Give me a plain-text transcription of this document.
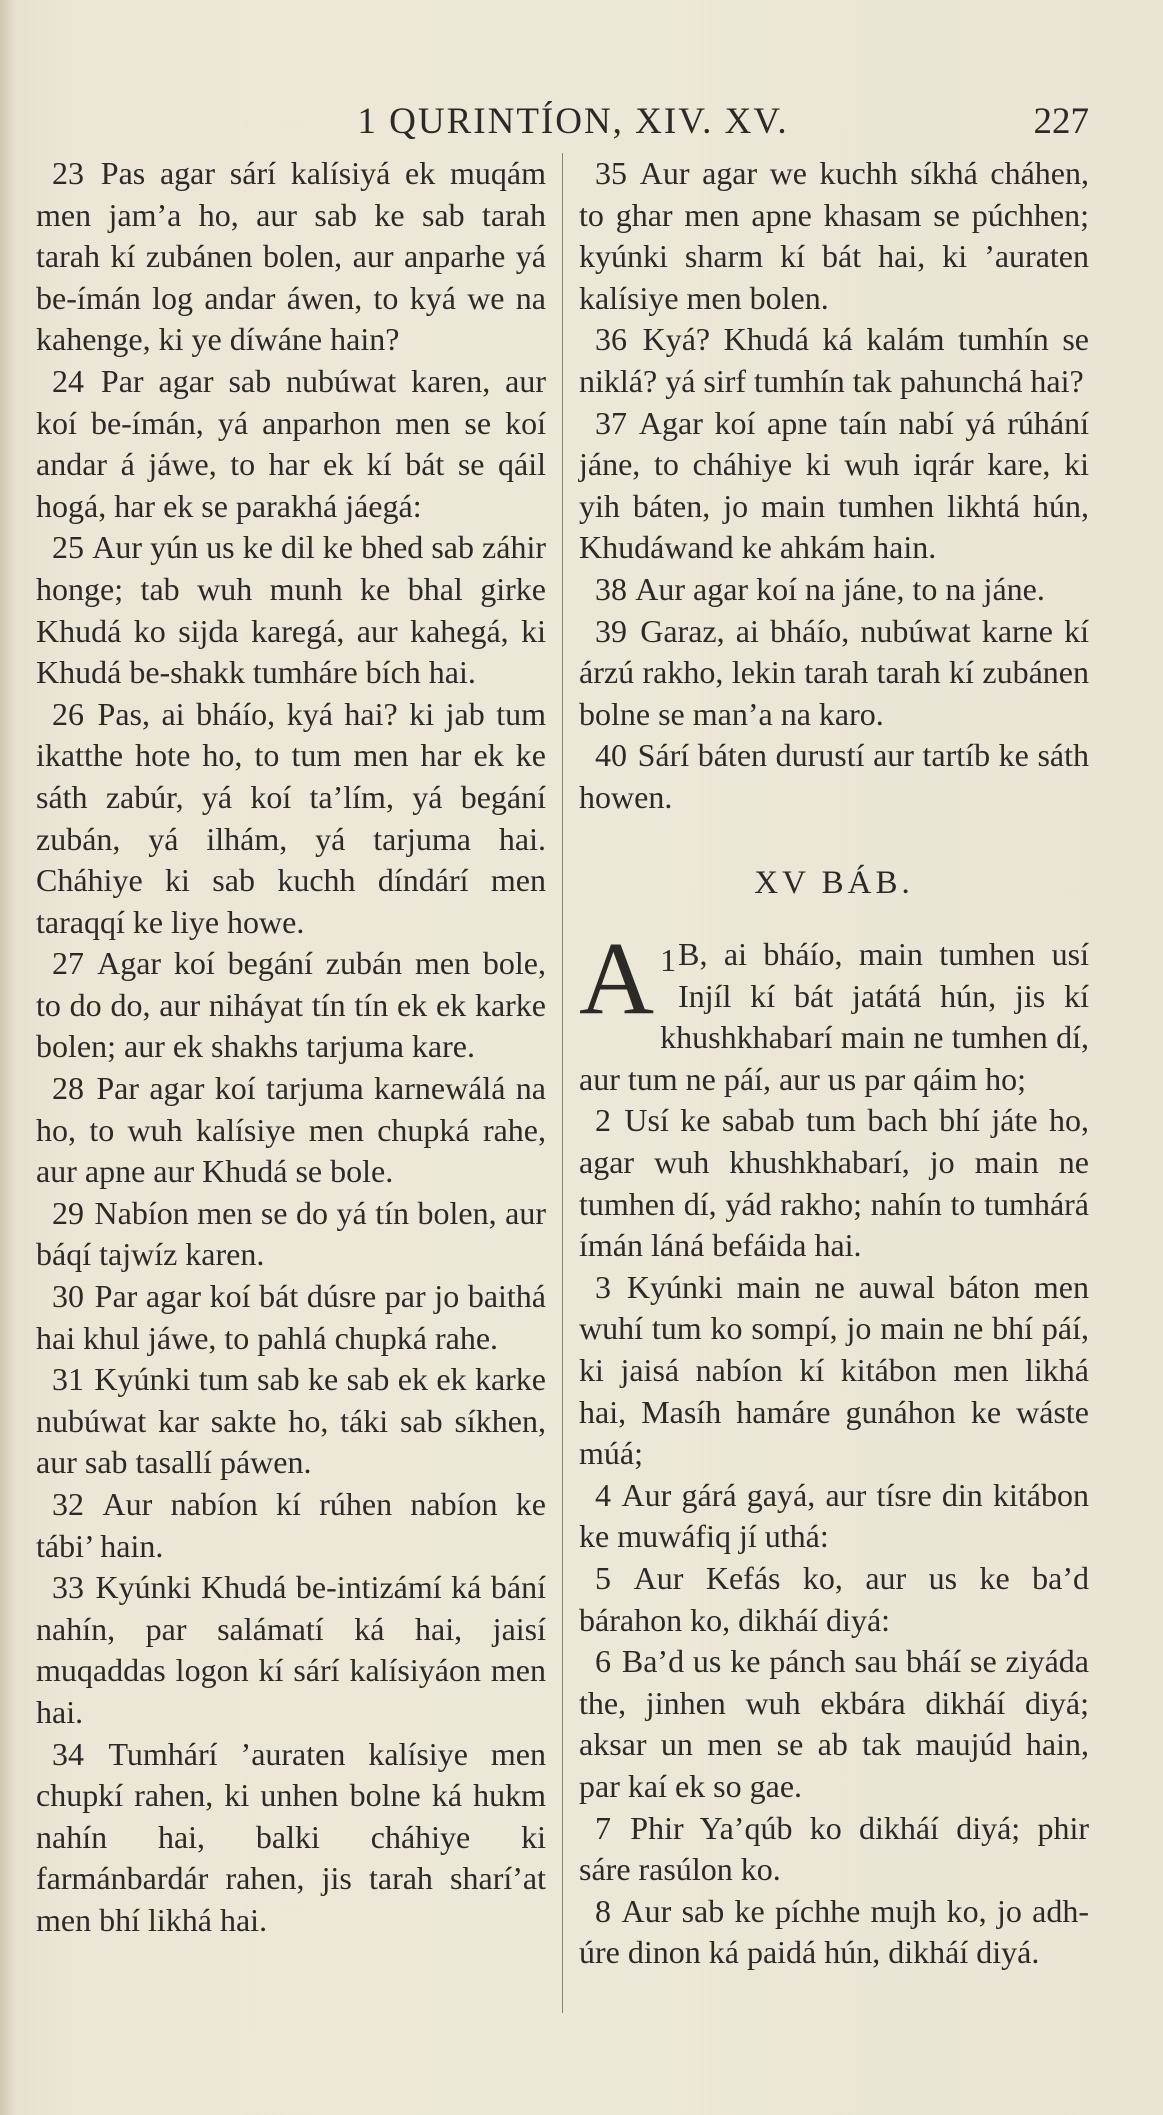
1 QURINTÍON, XIV. XV.	227

23 Pas agar sárí kalísiyá ek muqám men jam’a ho, aur sab ke sab tarah tarah kí zubánen bolen, aur anparhe yá be-ímán log andar áwen, to kyá we na kahenge, ki ye díwáne hain?

24 Par agar sab nubúwat karen, aur koí be-ímán, yá anparhon men se koí andar á jáwe, to har ek kí bát se qáil hogá, har ek se parakhá jáegá:

25 Aur yún us ke dil ke bhed sab záhir honge; tab wuh munh ke bhal girke Khudá ko sijda karegá, aur kahegá, ki Khudá be-shakk tumháre bích hai.

26 Pas, ai bháío, kyá hai? ki jab tum ikatthe hote ho, to tum men har ek ke sáth zabúr, yá koí ta’lím, yá begání zubán, yá ilhám, yá tarjuma hai. Cháhiye ki sab kuchh díndárí men taraqqí ke liye howe.

27 Agar koí begání zubán men bole, to do do, aur niháyat tín tín ek ek karke bolen; aur ek shakhs tarjuma kare.

28 Par agar koí tarjuma karnewálá na ho, to wuh kalísiye men chupká rahe, aur apne aur Khudá se bole.

29 Nabíon men se do yá tín bolen, aur báqí tajwíz karen.

30 Par agar koí bát dúsre par jo baithá hai khul jáwe, to pahlá chupká rahe.

31 Kyúnki tum sab ke sab ek ek karke nubúwat kar sakte ho, táki sab síkhen, aur sab tasallí páwen.

32 Aur nabíon kí rúhen nabíon ke tábi’ hain.

33 Kyúnki Khudá be-intizámí ká bání nahín, par salámatí ká hai, jaisí muqaddas logon kí sárí kalísiyáon men hai.

34 Tumhárí ’auraten kalísiye men chupkí rahen, ki unhen bolne ká hukm nahín hai, balki cháhiye ki farmánbardár rahen, jis tarah sharí’at men bhí likhá hai.

35 Aur agar we kuchh síkhá cháhen, to ghar men apne khasam se púchhen; kyúnki sharm kí bát hai, ki ’auraten kalísiye men bolen.

36 Kyá? Khudá ká kalám tumhín se niklá? yá sirf tumhín tak pahunchá hai?

37 Agar koí apne taín nabí yá rúhání jáne, to cháhiye ki wuh iqrár kare, ki yih báten, jo main tumhen likhtá hún, Khudáwand ke ahkám hain.

38 Aur agar koí na jáne, to na jáne.

39 Garaz, ai bháío, nubúwat karne kí árzú rakho, lekin tarah tarah kí zubánen bolne se man’a na karo.

40 Sárí báten durustí aur tartíb ke sáth howen.

XV BÁB.

A 1 B, ai bháío, main tumhen usí Injíl kí bát jatátá hún, jis kí khushkhabarí main ne tumhen dí, aur tum ne páí, aur us par qáim ho;

2 Usí ke sabab tum bach bhí játe ho, agar wuh khushkhabarí, jo main ne tumhen dí, yád rakho; nahín to tumhárá ímán láná befáida hai.

3 Kyúnki main ne auwal báton men wuhí tum ko sompí, jo main ne bhí páí, ki jaisá nabíon kí kitábon men likhá hai, Masíh hamáre gunáhon ke wáste múá;

4 Aur gárá gayá, aur tísre din kitábon ke muwáfiq jí uthá:

5 Aur Kefás ko, aur us ke ba’d bárahon ko, dikháí diyá:

6 Ba’d us ke pánch sau bháí se ziyáda the, jinhen wuh ekbára dikháí diyá; aksar un men se ab tak maujúd hain, par kaí ek so gae.

7 Phir Ya’qúb ko dikháí diyá; phir sáre rasúlon ko.

8 Aur sab ke píchhe mujh ko, jo adh-úre dinon ká paidá hún, dikháí diyá.
